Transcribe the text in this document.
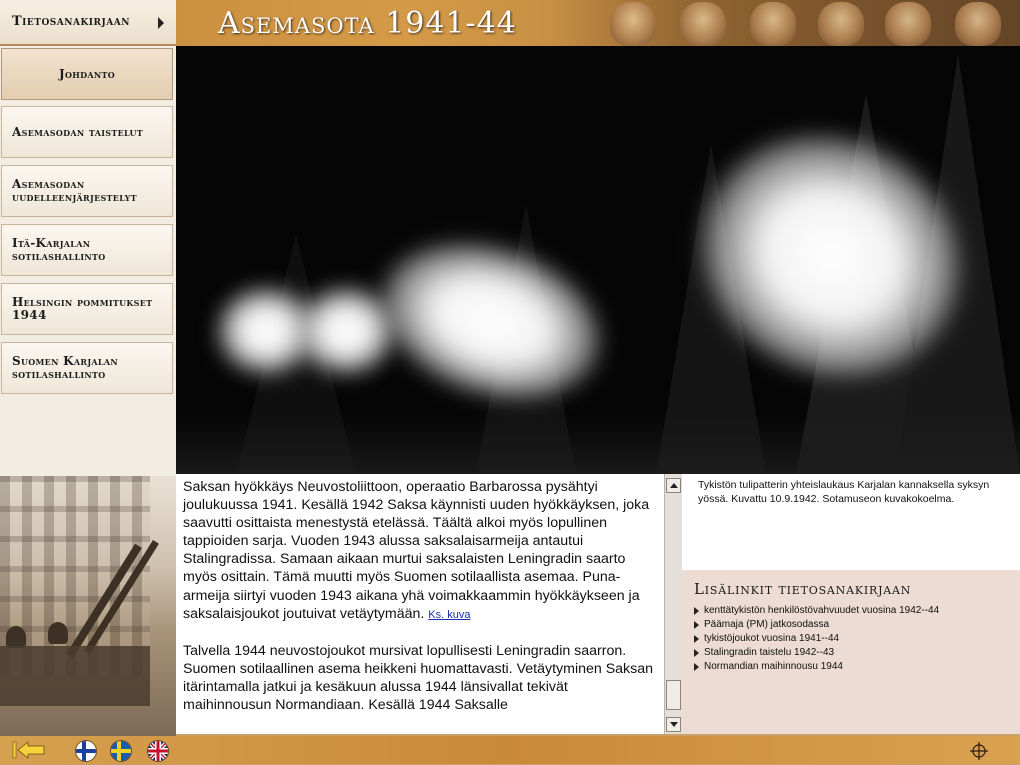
Asemasota 1941-44
Tietosanakirjaan
Johdanto
Asemasodan taistelut
Asemasodan uudelleenjärjestelyt
Itä-Karjalan sotilashallinto
Helsingin pommitukset 1944
Suomen Karjalan sotilashallinto

Saksan hyökkäys Neuvostoliittoon, operaatio Barbarossa pysähtyi joulukuussa 1941. Kesällä 1942 Saksa käynnisti uuden hyökkäyksen, joka saavutti osittaista menestystä etelässä. Täältä alkoi myös lopullinen tappioiden sarja. Vuoden 1943 alussa saksalaisarmeija antautui Stalingradissa. Samaan aikaan murtui saksalaisten Leningradin saarto myös osittain. Tämä muutti myös Suomen sotilaallista asemaa. Puna-armeija siirtyi vuoden 1943 aikana yhä voimakkaammin hyökkäykseen ja saksalaisjoukot joutuivat vetäytymään. Ks. kuva

Talvella 1944 neuvostojoukot mursivat lopullisesti Leningradin saarron. Suomen sotilaallinen asema heikkeni huomattavasti. Vetäytyminen Saksan itärintamalla jatkui ja kesäkuun alussa 1944 länsivallat tekivät maihinnousun Normandiaan. Kesällä 1944 Saksalle

Tykistön tulipatterin yhteislaukaus Karjalan kannaksella syksyn yössä. Kuvattu 10.9.1942. Sotamuseon kuvakokoelma.
Lisälinkit tietosanakirjaan
kenttätykistön henkilöstövahvuudet vuosina 1942--44
Päämaja (PM) jatkosodassa
tykistöjoukot vuosina 1941--44
Stalingradin taistelu 1942--43
Normandian maihinnousu 1944
